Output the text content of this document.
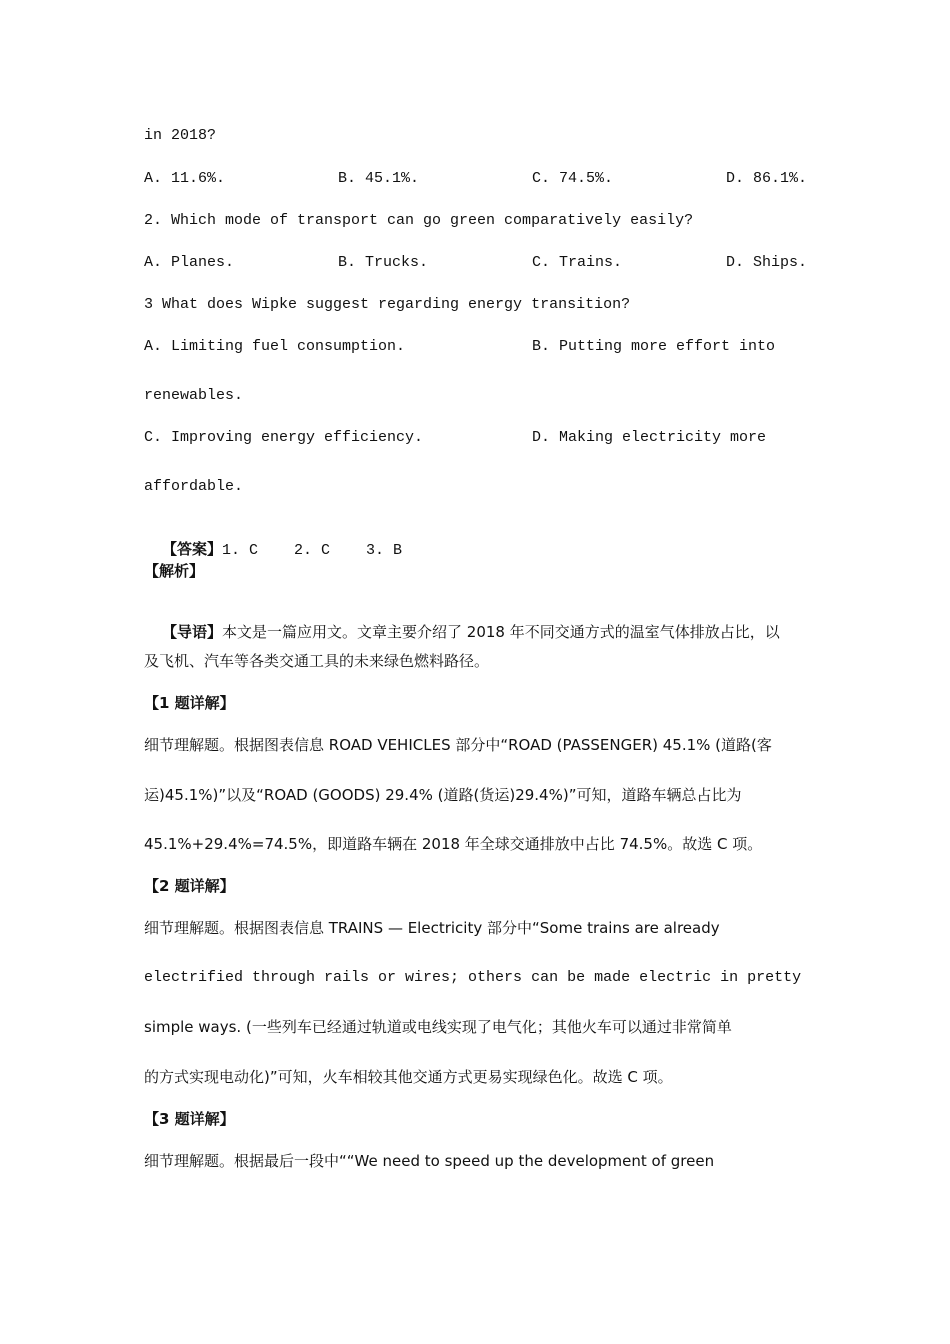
in 2018?
A. 11.6%.	B. 45.1%.	C. 74.5%.	D. 86.1%.
2. Which mode of transport can go green comparatively easily?
A. Planes.	B. Trucks.	C. Trains.	D. Ships.
3 What does Wipke suggest regarding energy transition?
A. Limiting fuel consumption.	B. Putting more effort into
renewables.
C. Improving energy efficiency.	D. Making electricity more
affordable.

【答案】1. C    2. C    3. B

【解析】

【导语】本文是一篇应用文。文章主要介绍了 2018 年不同交通方式的温室气体排放占比，以

及飞机、汽车等各类交通工具的未来绿色燃料路径。
【1 题详解】
细节理解题。根据图表信息 ROAD VEHICLES 部分中“ROAD (PASSENGER) 45.1% (道路(客
运)45.1%)”以及“ROAD (GOODS) 29.4% (道路(货运)29.4%)”可知，道路车辆总占比为
45.1%+29.4%=74.5%，即道路车辆在 2018 年全球交通排放中占比 74.5%。故选 C 项。
【2 题详解】
细节理解题。根据图表信息 TRAINS — Electricity 部分中“Some trains are already
electrified through rails or wires; others can be made electric in pretty
simple ways. (一些列车已经通过轨道或电线实现了电气化；其他火车可以通过非常简单
的方式实现电动化)”可知，火车相较其他交通方式更易实现绿色化。故选 C 项。
【3 题详解】
细节理解题。根据最后一段中““We need to speed up the development of green
